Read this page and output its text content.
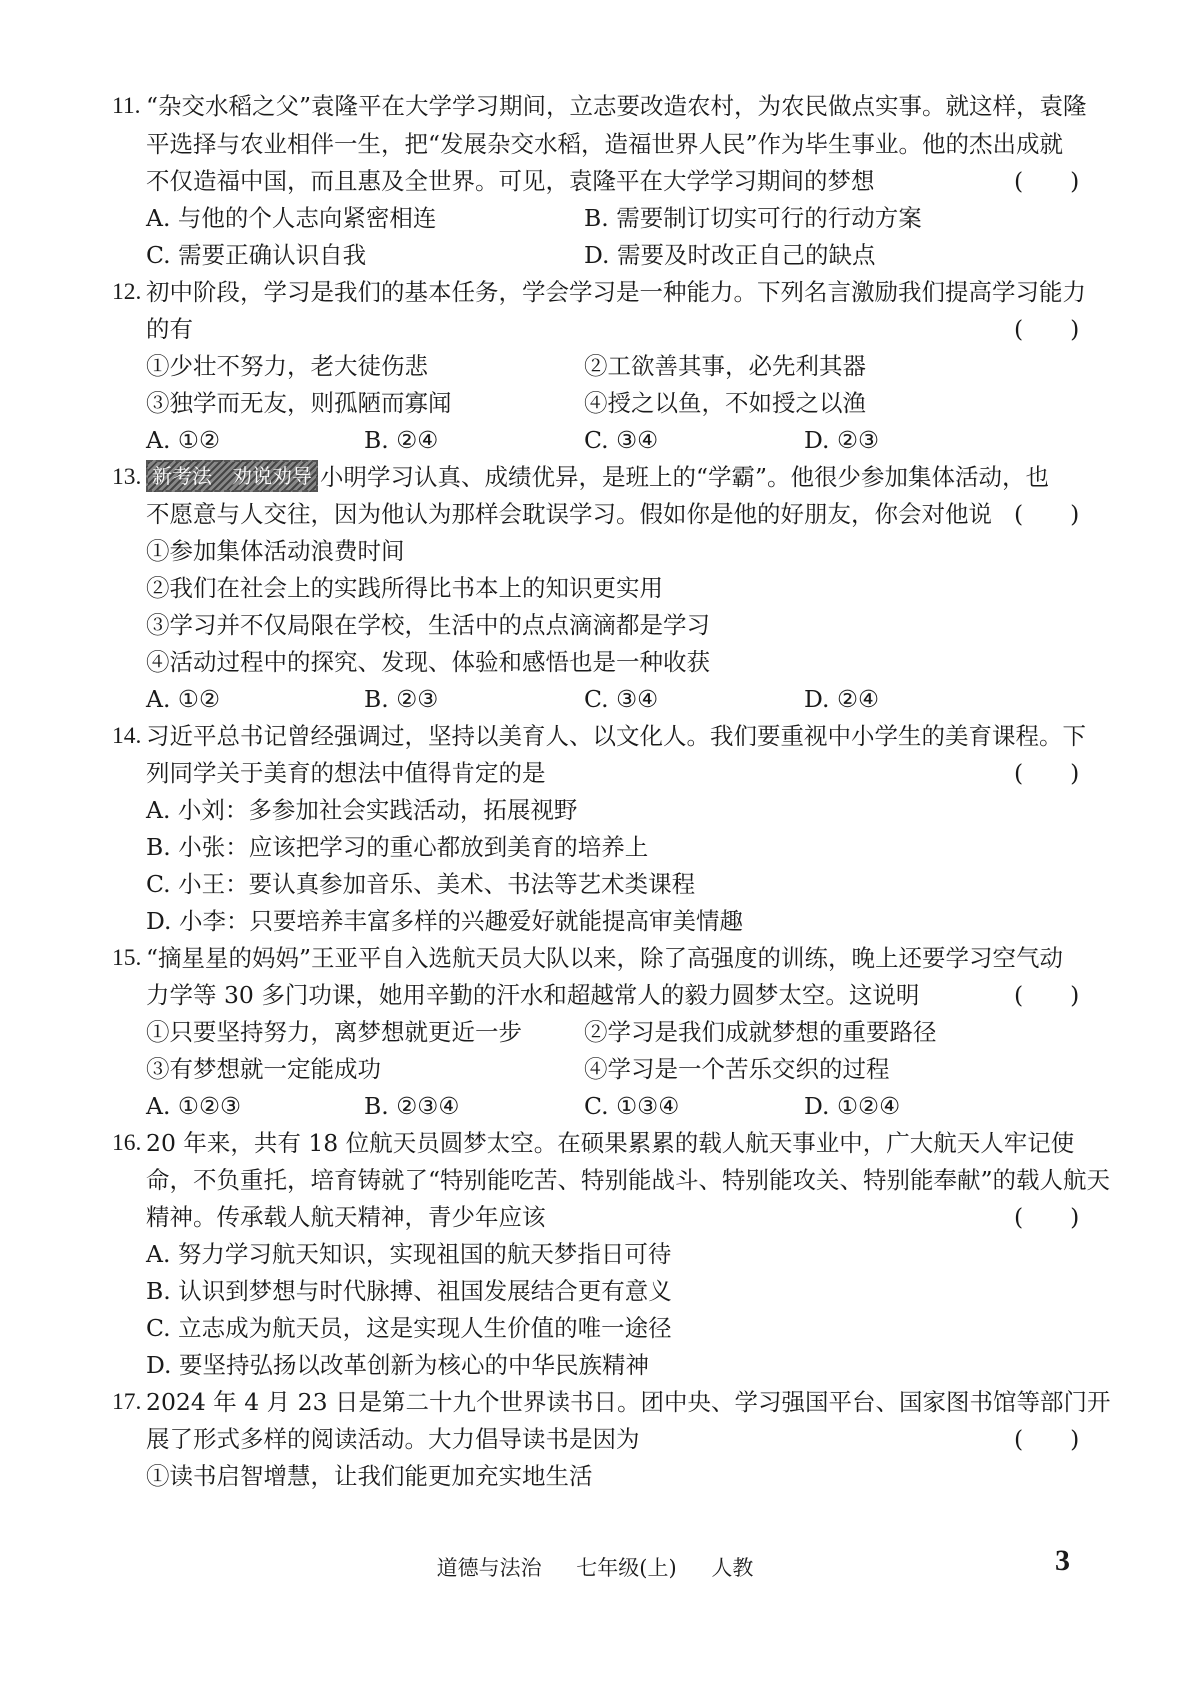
11. “杂交水稻之父”袁隆平在大学学习期间，立志要改造农村，为农民做点实事。就这样，袁隆
平选择与农业相伴一生，把“发展杂交水稻，造福世界人民”作为毕生事业。他的杰出成就
不仅造福中国，而且惠及全世界。可见，袁隆平在大学学习期间的梦想	(　　)
A. 与他的个人志向紧密相连	B. 需要制订切实可行的行动方案
C. 需要正确认识自我	D. 需要及时改正自己的缺点
12. 初中阶段，学习是我们的基本任务，学会学习是一种能力。下列名言激励我们提高学习能力
的有	(　　)
①少壮不努力，老大徒伤悲	②工欲善其事，必先利其器
③独学而无友，则孤陋而寡闻	④授之以鱼，不如授之以渔
A. ①②	B. ②④	C. ③④	D. ②③
13. 新考法　劝说劝导 小明学习认真、成绩优异，是班上的“学霸”。他很少参加集体活动，也
不愿意与人交往，因为他认为那样会耽误学习。假如你是他的好朋友，你会对他说 (　　)
①参加集体活动浪费时间
②我们在社会上的实践所得比书本上的知识更实用
③学习并不仅局限在学校，生活中的点点滴滴都是学习
④活动过程中的探究、发现、体验和感悟也是一种收获
A. ①②	B. ②③	C. ③④	D. ②④
14. 习近平总书记曾经强调过，坚持以美育人、以文化人。我们要重视中小学生的美育课程。下
列同学关于美育的想法中值得肯定的是	(　　)
A. 小刘：多参加社会实践活动，拓展视野
B. 小张：应该把学习的重心都放到美育的培养上
C. 小王：要认真参加音乐、美术、书法等艺术类课程
D. 小李：只要培养丰富多样的兴趣爱好就能提高审美情趣
15. “摘星星的妈妈”王亚平自入选航天员大队以来，除了高强度的训练，晚上还要学习空气动
力学等 30 多门功课，她用辛勤的汗水和超越常人的毅力圆梦太空。这说明	(　　)
①只要坚持努力，离梦想就更近一步	②学习是我们成就梦想的重要路径
③有梦想就一定能成功	④学习是一个苦乐交织的过程
A. ①②③	B. ②③④	C. ①③④	D. ①②④
16. 20 年来，共有 18 位航天员圆梦太空。在硕果累累的载人航天事业中，广大航天人牢记使
命，不负重托，培育铸就了“特别能吃苦、特别能战斗、特别能攻关、特别能奉献”的载人航天
精神。传承载人航天精神，青少年应该	(　　)
A. 努力学习航天知识，实现祖国的航天梦指日可待
B. 认识到梦想与时代脉搏、祖国发展结合更有意义
C. 立志成为航天员，这是实现人生价值的唯一途径
D. 要坚持弘扬以改革创新为核心的中华民族精神
17. 2024 年 4 月 23 日是第二十九个世界读书日。团中央、学习强国平台、国家图书馆等部门开
展了形式多样的阅读活动。大力倡导读书是因为	(　　)
①读书启智增慧，让我们能更加充实地生活
道德与法治 七年级(上) 人教	3
